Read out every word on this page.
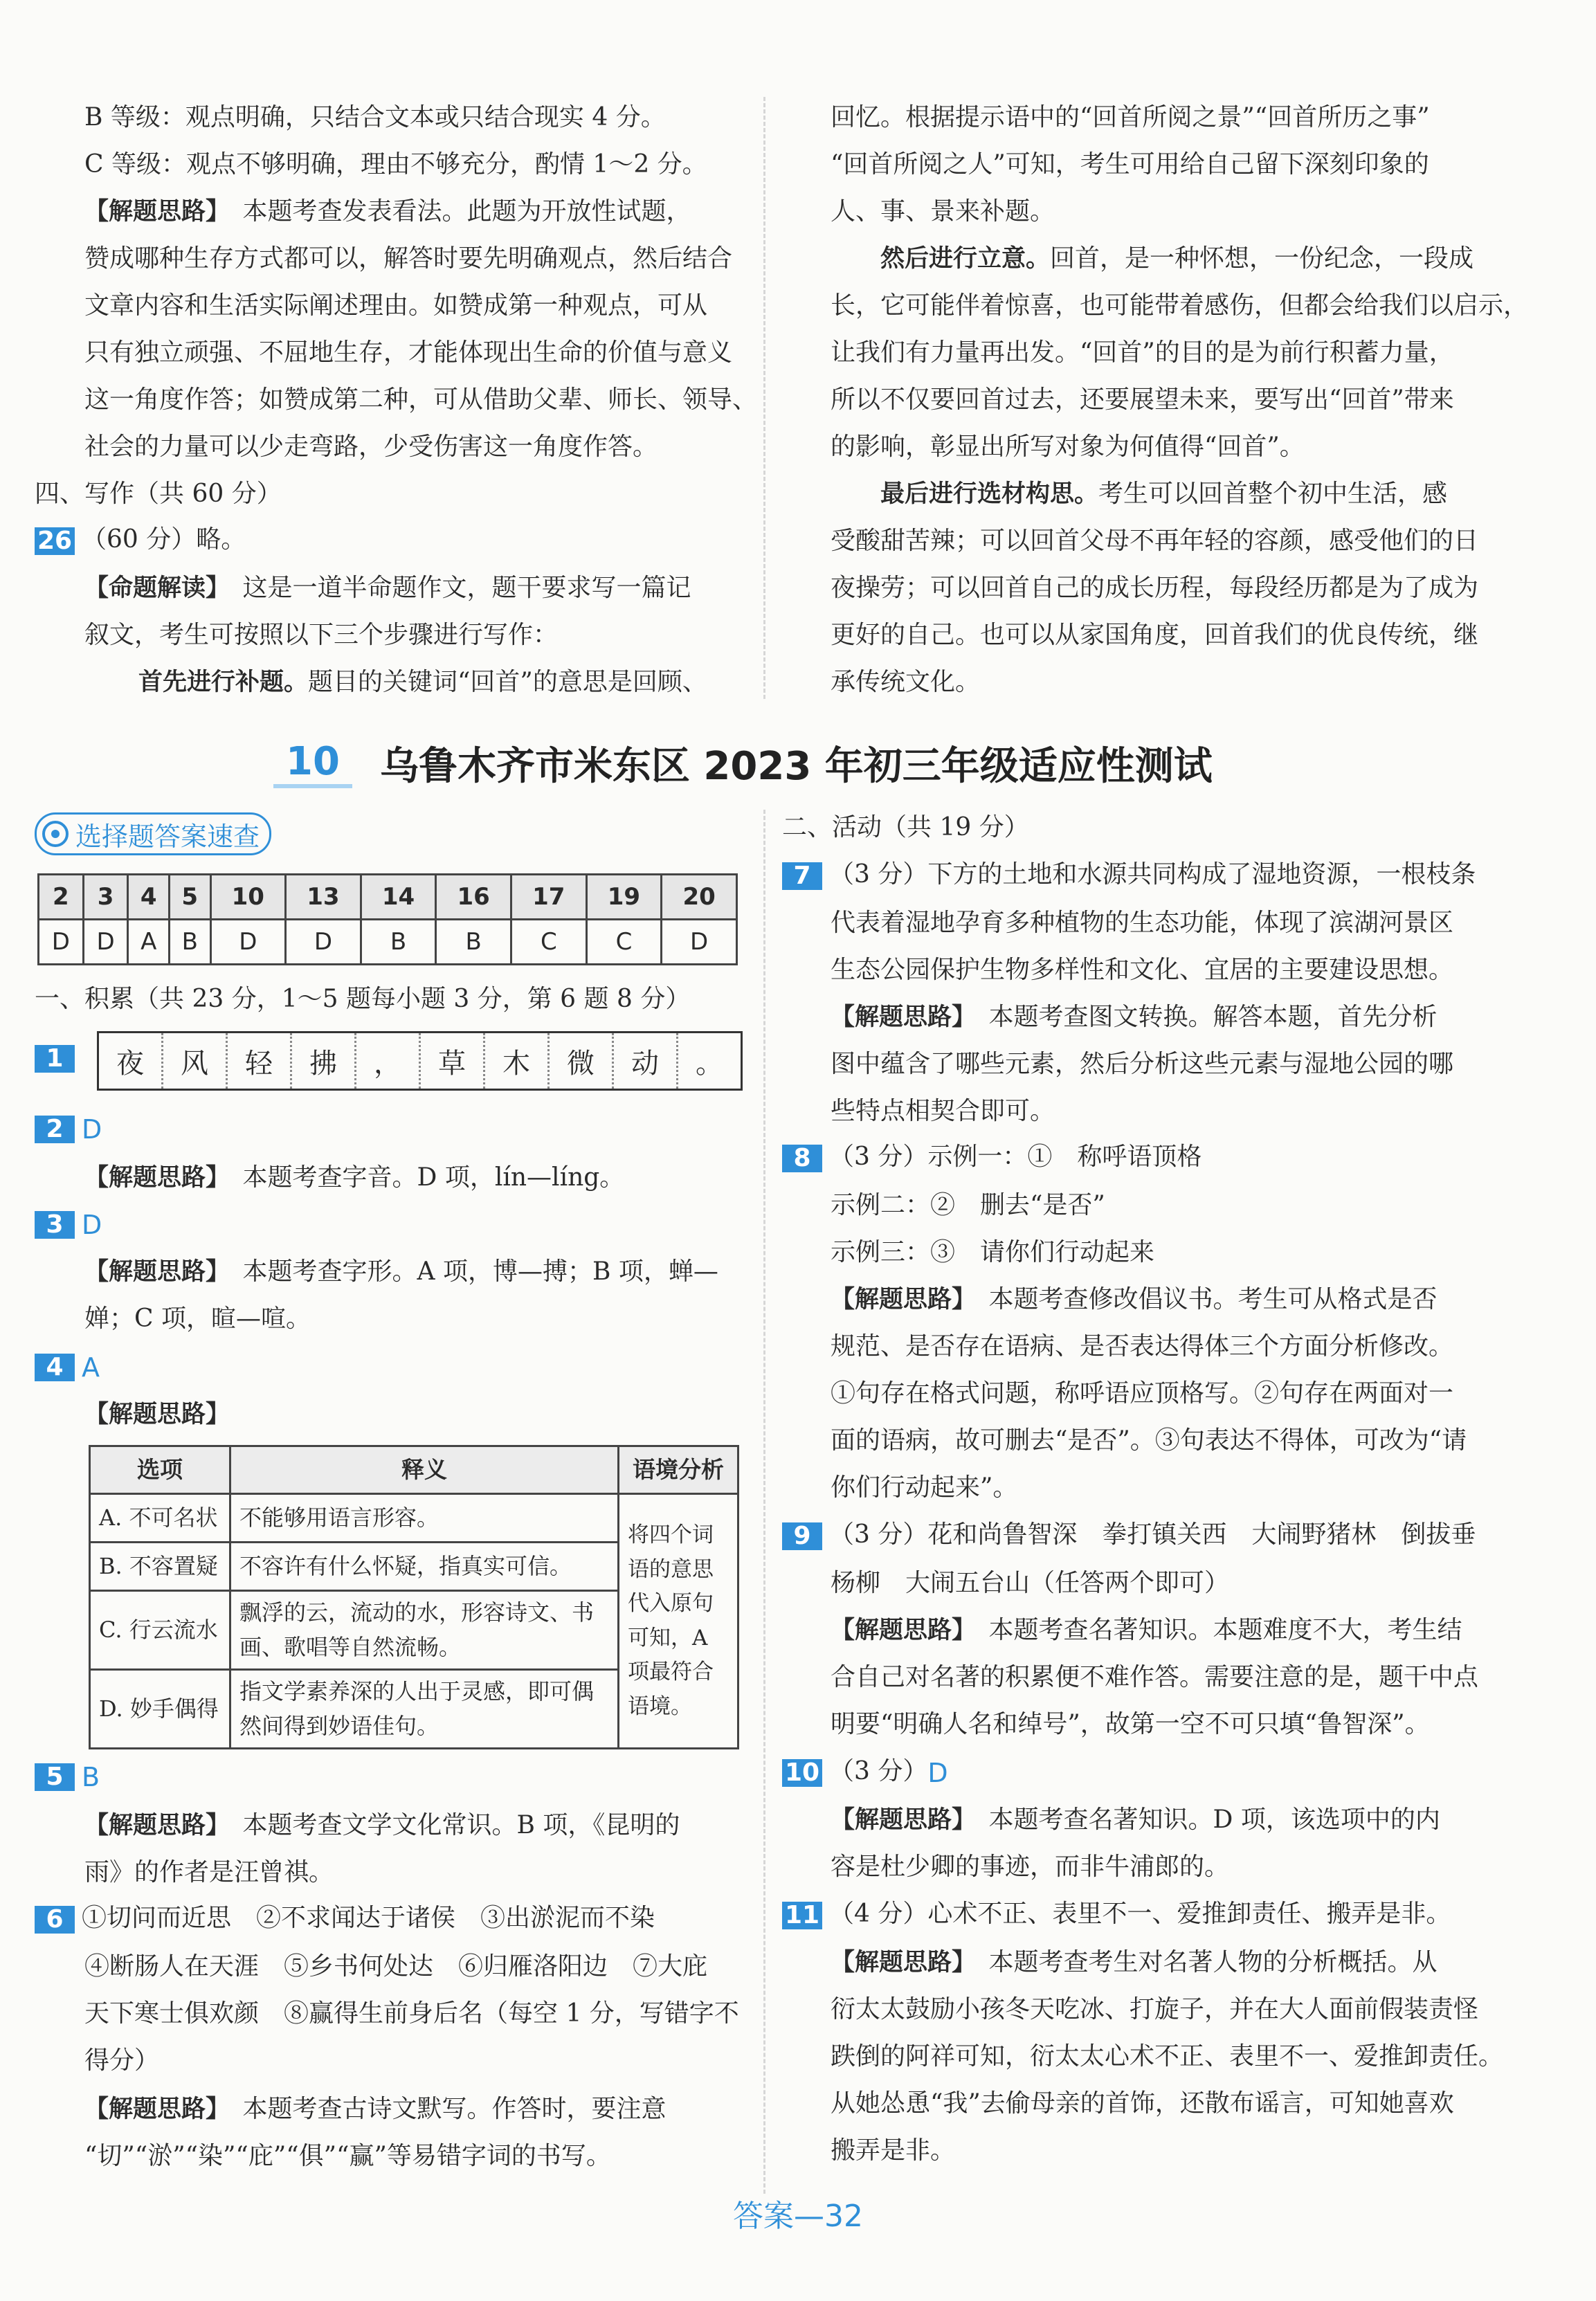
B 等级：观点明确，只结合文本或只结合现实 4 分。
C 等级：观点不够明确，理由不够充分，酌情 1～2 分。
【解题思路】　 本题考查发表看法。此题为开放性试题，
赞成哪种生存方式都可以，解答时要先明确观点，然后结合
文章内容和生活实际阐述理由。如赞成第一种观点，可从
只有独立顽强、不屈地生存，才能体现出生命的价值与意义
这一角度作答；如赞成第二种，可从借助父辈、师长、领导、
社会的力量可以少走弯路，少受伤害这一角度作答。
四、写作（共 60 分）
26 （60 分）略。
【命题解读】　 这是一道半命题作文，题干要求写一篇记
叙文，考生可按照以下三个步骤进行写作：
首先进行补题。题目的关键词“回首”的意思是回顾、
回忆。根据提示语中的“回首所阅之景”“回首所历之事”
“回首所阅之人”可知，考生可用给自己留下深刻印象的
人、事、景来补题。
然后进行立意。回首，是一种怀想，一份纪念，一段成
长，它可能伴着惊喜，也可能带着感伤，但都会给我们以启示，
让我们有力量再出发。“回首”的目的是为前行积蓄力量，
所以不仅要回首过去，还要展望未来，要写出“回首”带来
的影响，彰显出所写对象为何值得“回首”。
最后进行选材构思。考生可以回首整个初中生活，感
受酸甜苦辣；可以回首父母不再年轻的容颜，感受他们的日
夜操劳；可以回首自己的成长历程，每段经历都是为了成为
更好的自己。也可以从家国角度，回首我们的优良传统，继
承传统文化。
10	乌鲁木齐市米东区 2023 年初三年级适应性测试
选择题答案速查
2	3	4	5	10	13	14	16	17	19	20
D	D	A	B	D	D	B	B	C	C	D
一、积累（共 23 分，1～5 题每小题 3 分，第 6 题 8 分）
1	夜	风	轻	拂	，	草	木	微	动	。
2 D
【解题思路】　 本题考查字音。D 项，lín—líng。
3 D
【解题思路】　 本题考查字形。A 项，博—搏；B 项，蝉—
婵；C 项，暄—喧。
4 A
【解题思路】
选项	释义	语境分析
A. 不可名状	不能够用语言形容。	将四个词语的意思代入原句可知，A 项最符合语境。
B. 不容置疑	不容许有什么怀疑，指真实可信。	
C. 行云流水	飘浮的云，流动的水，形容诗文、书画、歌唱等自然流畅。	
D. 妙手偶得	指文学素养深的人出于灵感，即可偶然间得到妙语佳句。	
5 B
【解题思路】　 本题考查文学文化常识。B 项，《昆明的
雨》的作者是汪曾祺。
6 ①切问而近思　②不求闻达于诸侯　③出淤泥而不染
④断肠人在天涯　⑤乡书何处达　⑥归雁洛阳边　⑦大庇
天下寒士俱欢颜　⑧赢得生前身后名（每空 1 分，写错字不
得分）
【解题思路】　 本题考查古诗文默写。作答时，要注意
“切”“淤”“染”“庇”“俱”“赢”等易错字词的书写。
二、活动（共 19 分）
7 （3 分）下方的土地和水源共同构成了湿地资源，一根枝条
代表着湿地孕育多种植物的生态功能，体现了滨湖河景区
生态公园保护生物多样性和文化、宜居的主要建设思想。
【解题思路】　 本题考查图文转换。解答本题，首先分析
图中蕴含了哪些元素，然后分析这些元素与湿地公园的哪
些特点相契合即可。
8 （3 分）示例一：①　称呼语顶格
示例二：②　删去“是否”
示例三：③　请你们行动起来
【解题思路】　 本题考查修改倡议书。考生可从格式是否
规范、是否存在语病、是否表达得体三个方面分析修改。
①句存在格式问题，称呼语应顶格写。②句存在两面对一
面的语病，故可删去“是否”。③句表达不得体，可改为“请
你们行动起来”。
9 （3 分）花和尚鲁智深　拳打镇关西　大闹野猪林　倒拔垂
杨柳　大闹五台山（任答两个即可）
【解题思路】　 本题考查名著知识。本题难度不大，考生结
合自己对名著的积累便不难作答。需要注意的是，题干中点
明要“明确人名和绰号”，故第一空不可只填“鲁智深”。
10 （3 分）D
【解题思路】　 本题考查名著知识。D 项，该选项中的内
容是杜少卿的事迹，而非牛浦郎的。
11 （4 分）心术不正、表里不一、爱推卸责任、搬弄是非。
【解题思路】　 本题考查考生对名著人物的分析概括。从
衍太太鼓励小孩冬天吃冰、打旋子，并在大人面前假装责怪
跌倒的阿祥可知，衍太太心术不正、表里不一、爱推卸责任。
从她怂恿“我”去偷母亲的首饰，还散布谣言，可知她喜欢
搬弄是非。
答案—32
